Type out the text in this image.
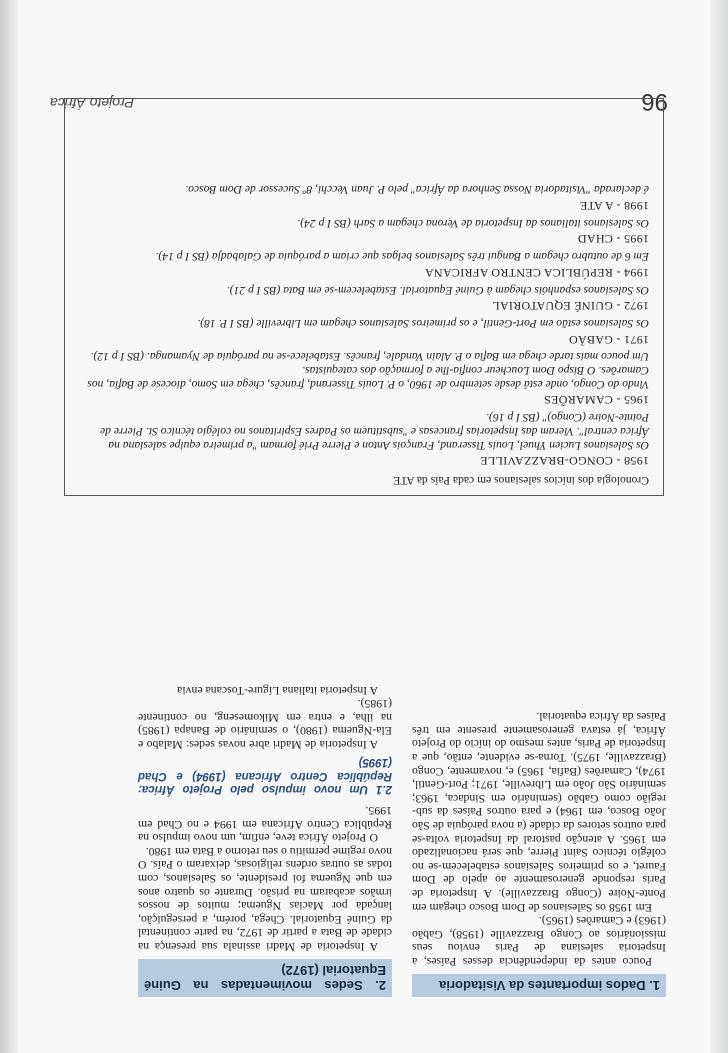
96
Projeto África
1. Dados importantes da Visitadoria

Pouco antes da independência desses Países, a Inspetoria salesiana de Paris enviou seus missionários ao Congo Brazzaville (1958), Gabão (1963) e Camarões (1965).

Em 1958 os Salesianos de Dom Bosco chegam em Ponte-Noire (Congo Brazzaville). A Inspetoria de Paris responde generosamente ao apelo de Dom Fauret, e os primeiros Salesianos estabelecem-se no colégio técnico Saint Pierre, que será nacionalizado em 1965. A atenção pastoral da Inspetoria volta-se para outros setores da cidade (a nova paróquia de São João Bosco, em 1964) e para outros Países da sub-região como Gabão (seminário em Sindaca, 1963; seminário São João em Libreville, 1971; Port-Gentil, 1974), Camarões (Bafia, 1965) e, novamente, Congo (Brazzaville, 1975). Torna-se evidente, então, que a Inspetoria de Paris, antes mesmo do início do Projeto África, já estava generosamente presente em três Países da África equatorial.

2. Sedes movimentadas na Guiné Equatorial (1972)

A Inspetoria de Madri assinala sua presença na cidade de Bata a partir de 1972, na parte continental da Guiné Equatorial. Chega, porém, a perseguição, lançada por Macias Nguema; muitos de nossos irmãos acabaram na prisão. Durante os quatro anos em que Nguema foi presidente, os Salesianos, com todas as outras ordens religiosas, deixaram o País. O novo regime permitiu o seu retorno a Bata em 1980.

O Projeto África teve, enfim, um novo impulso na República Centro Africana em 1994 e no Chad em 1995.

2.1 Um novo impulso pelo Projeto África: República Centro Africana (1994) e Chad (1995)

A Inspetoria de Madri abre novas sedes: Malabo e Ela-Nguema (1980), o seminário de Banapa (1985) na ilha, e entra em Mikomeseng, no continente (1985).

A Inspetoria italiana Lígure-Toscana envia

Cronologia dos inícios salesianos em cada País da ATE

1958 - CONGO-BRAZZAVILLE

Os Salesianos Lucien Yhuel, Louis Tisserand, François Anton e Pierre Prié formam "a primeira equipe salesiana na África central". Vieram das Inspetorias francesas e "substituem os Padres Espiritanos no colégio técnico St. Pierre de Pointe-Noire (Congo)" (BS I p 16).

1965 - CAMARÕES

Vindo do Congo, onde está desde setembro de 1960, o P. Louis Tisserand, francês, chega em Somo, diocese de Bafia, nos Camarões. O Bispo Dom Loucheur confia-lhe a formação dos catequistas.
Um pouco mais tarde chega em Bafia o P. Alain Vandale, francês. Estabelece-se na paróquia de Nyamanga. (BS I p 12).

1971 - GABÃO

Os Salesianos estão em Port-Gentil, e os primeiros Salesianos chegam em Libreville (BS I P. 18).

1972 - GUINÉ EQUATORIAL

Os Salesianos espanhóis chegam à Guiné Equatorial. Estabelecem-se em Bata (BS I p 21).

1994 - REPÚBLICA CENTRO AFRICANA

Em 6 de outubro chegam a Bangui três Salesianos belgas que criam a paróquia de Galabadja (BS I p 14).

1995 - CHAD

Os Salesianos italianos da Inspetoria de Verona chegam a Sarh (BS I p 24).

1998 - A ATE

é declarada "Visitadoria Nossa Senhora da África" pelo P. Juan Vecchi, 8º Sucessor de Dom Bosco.
